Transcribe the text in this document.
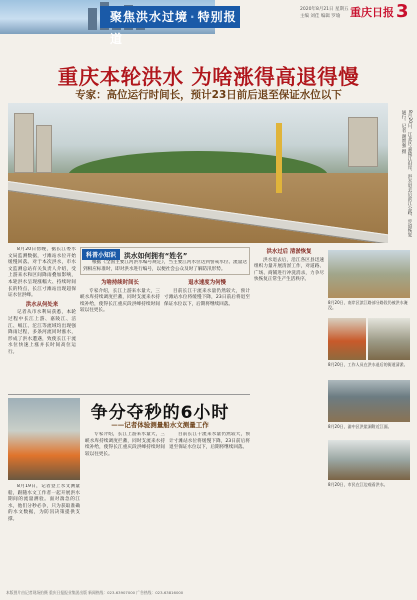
聚焦洪水过境 · 特别报道
2020年8月21日 星期五
主编 刘佳 编辑 罗瑜 重庆日报 3
重庆本轮洪水 为啥涨得高退得慢
专家：高位运行时间长，预计23日前后退至保证水位以下
8月20日，江北区·嘉陵江沿岸，洪水退去后滨江公路、步道恢复通行。记者 谢智强 摄

8月20日傍晚，据长江委水文局监测数据，寸滩站水位开始缓慢回落。对于本次洪水，市水文监测总站有关负责人介绍，受上游来水和区间降雨叠加影响，本轮洪水呈现涨幅大、持续时间长的特点，长江寸滩站出现超保证水位洪峰。

洪水从何处来

记者从市水利局获悉，本轮过程中长江上游、嘉陵江、涪江、岷江、沱江等流域均出现强降雨过程，多条河流同时涨水，形成了洪水遭遇，致使长江干流水位快速上涨并长时间高位运行。

科普小知识	洪水如何拥有“姓名”

根据《全国主要江河洪水编号规定》，当主要江河水位达到警戒水位、流量达到相应标准时，即对洪水进行编号，以便社会公众及时了解防汛形势。

为啥持续时间长

专家介绍，长江上游来水量大，三峡水库持续调度拦蓄，同时支流来水持续补给，使得长江重庆段洪峰持续时间较以往更长。

退水速度为何慢

目前长江干流来水量仍然较大，预计寸滩站水位将缓慢下降，23日前后将退至保证水位以下，后期将继续回落。

洪水过后 清淤恢复

洪水退去后，沿江各区县迅速组织力量开展清淤工作，对道路、广场、商铺进行冲洗消杀，力争尽快恢复正常生产生活秩序。

8月20日，南岸区滨江路部分路段仍被洪水淹没。
8月20日，工作人员在洪水退后的街道清淤。
8月20日，渝中区洪崖洞附近江面。
8月20日，市民在江边观看洪水。
争分夺秒的6小时
——记者体验测量船水文测量工作

8月19日，记者登上水文测量船，跟随水文工作者一起开展洪水期间的流量测验。面对湍急的江水，他们分秒必争，只为获取准确的水文数据，为防汛决策提供支撑。

专家介绍，长江上游来水量大，三峡水库持续调度拦蓄，同时支流来水持续补给，使得长江重庆段洪峰持续时间较以往更长。

目前长江干流来水量仍然较大，预计寸滩站水位将缓慢下降，23日前后将退至保证水位以下，后期将继续回落。

本版图片由记者现场拍摄 重庆日报报业集团出版 新闻热线：023-63907000 广告热线：023-63816000
